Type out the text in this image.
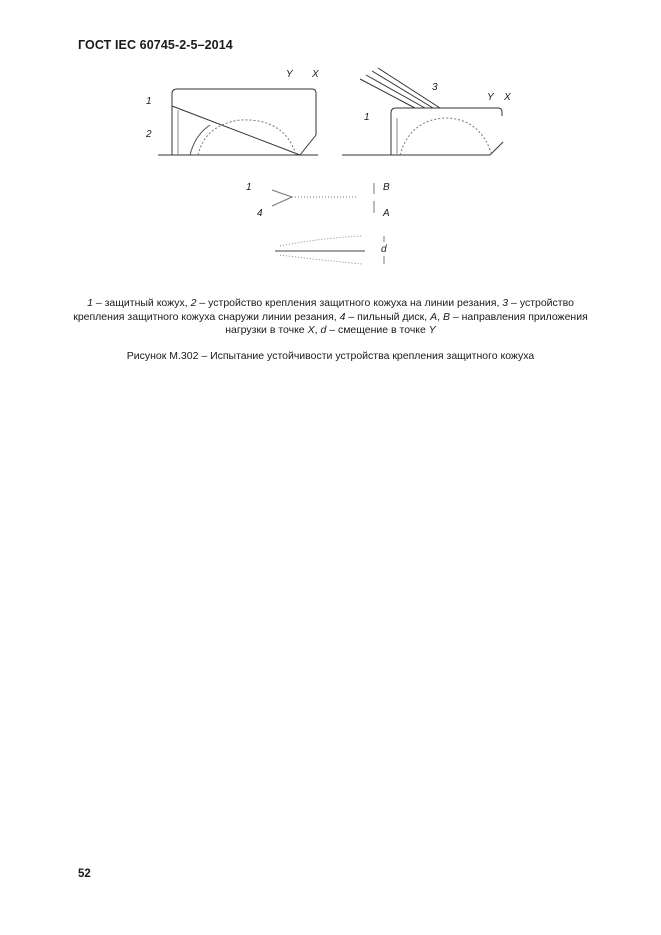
ГОСТ IEC 60745-2-5–2014
1
2
Y X
3
1
Y X
1
4
B
A
d
1 – защитный кожух, 2 – устройство крепления защитного кожуха на линии резания, 3 – устройство крепления защитного кожуха снаружи линии резания, 4 – пильный диск, A, B – направления приложения нагрузки в точке X, d – смещение в точке Y
Рисунок М.302 – Испытание устойчивости устройства крепления защитного кожуха
52
